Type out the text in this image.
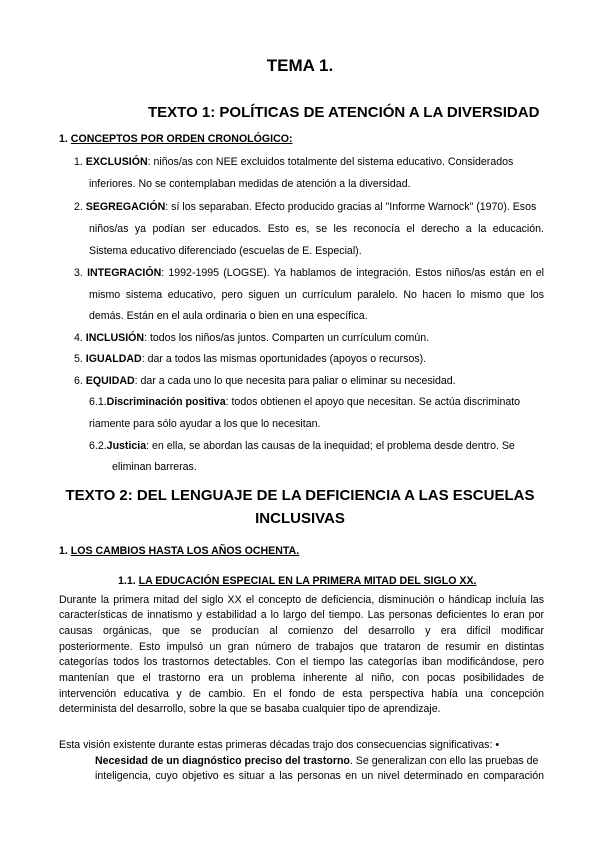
TEMA 1.
TEXTO 1: POLÍTICAS DE ATENCIÓN A LA DIVERSIDAD
1. CONCEPTOS POR ORDEN CRONOLÓGICO:
1. EXCLUSIÓN: niños/as con NEE excluidos totalmente del sistema educativo. Considerados
inferiores. No se contemplaban medidas de atención a la diversidad.
2. SEGREGACIÓN: sí los separaban. Efecto producido gracias al "Informe Warnock" (1970). Esos
niños/as ya podían ser educados. Esto es, se les reconocía el derecho a la educación.
Sistema educativo diferenciado (escuelas de E. Especial).
3. INTEGRACIÓN: 1992-1995 (LOGSE). Ya hablamos de integración. Estos niños/as están en el
mismo sistema educativo, pero siguen un currículum paralelo. No hacen lo mismo que los
demás. Están en el aula ordinaria o bien en una específica.
4. INCLUSIÓN: todos los niños/as juntos. Comparten un currículum común.
5. IGUALDAD: dar a todos las mismas oportunidades (apoyos o recursos).
6. EQUIDAD: dar a cada uno lo que necesita para paliar o eliminar su necesidad.
6.1.Discriminación positiva: todos obtienen el apoyo que necesitan. Se actúa discriminato
riamente para sólo ayudar a los que lo necesitan.
6.2.Justicia: en ella, se abordan las causas de la inequidad; el problema desde dentro. Se
eliminan barreras.
TEXTO 2: DEL LENGUAJE DE LA DEFICIENCIA A LAS ESCUELAS
INCLUSIVAS
1. LOS CAMBIOS HASTA LOS AÑOS OCHENTA.
1.1. LA EDUCACIÓN ESPECIAL EN LA PRIMERA MITAD DEL SIGLO XX.
Durante la primera mitad del siglo XX el concepto de deficiencia, disminución o hándicap incluía las
características de innatismo y estabilidad a lo largo del tiempo. Las personas deficientes lo eran por
causas orgánicas, que se producían al comienzo del desarrollo y era difícil modificar
posteriormente. Esto impulsó un gran número de trabajos que trataron de resumir en distintas
categorías todos los trastornos detectables. Con el tiempo las categorías iban modificándose, pero
mantenían que el trastorno era un problema inherente al niño, con pocas posibilidades de
intervención educativa y de cambio. En el fondo de esta perspectiva había una concepción
determinista del desarrollo, sobre la que se basaba cualquier tipo de aprendizaje.
Esta visión existente durante estas primeras décadas trajo dos consecuencias significativas: •
Necesidad de un diagnóstico preciso del trastorno. Se generalizan con ello las pruebas de
inteligencia, cuyo objetivo es situar a las personas en un nivel determinado en comparación
